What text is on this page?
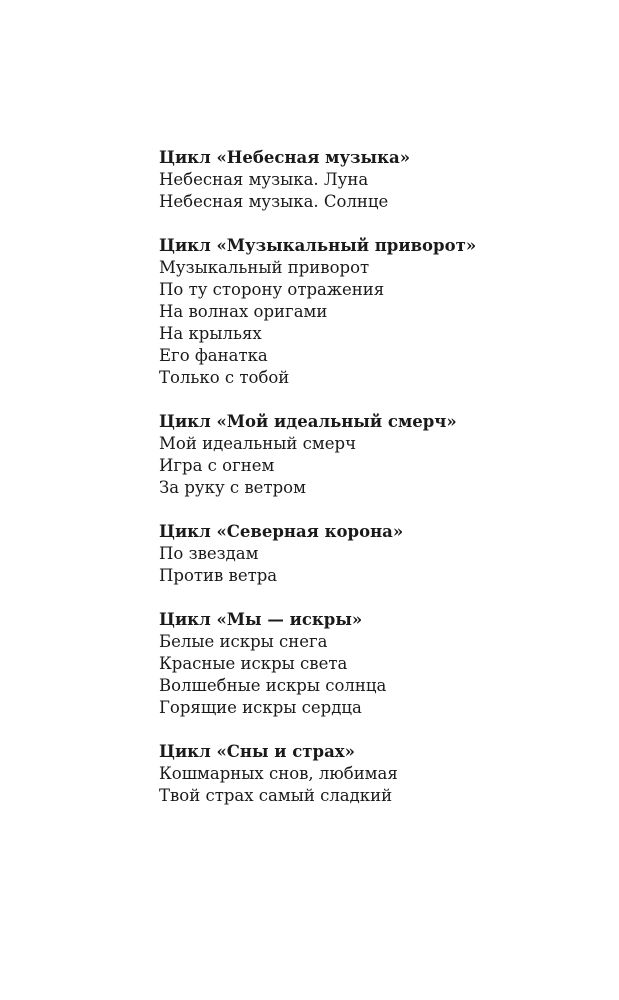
Цикл «Небесная музыка»
Небесная музыка. Луна
Небесная музыка. Солнце
Цикл «Музыкальный приворот»
Музыкальный приворот
По ту сторону отражения
На волнах оригами
На крыльях
Его фанатка
Только с тобой
Цикл «Мой идеальный смерч»
Мой идеальный смерч
Игра с огнем
За руку с ветром
Цикл «Северная корона»
По звездам
Против ветра
Цикл «Мы — искры»
Белые искры снега
Красные искры света
Волшебные искры солнца
Горящие искры сердца
Цикл «Сны и страх»
Кошмарных снов, любимая
Твой страх самый сладкий
